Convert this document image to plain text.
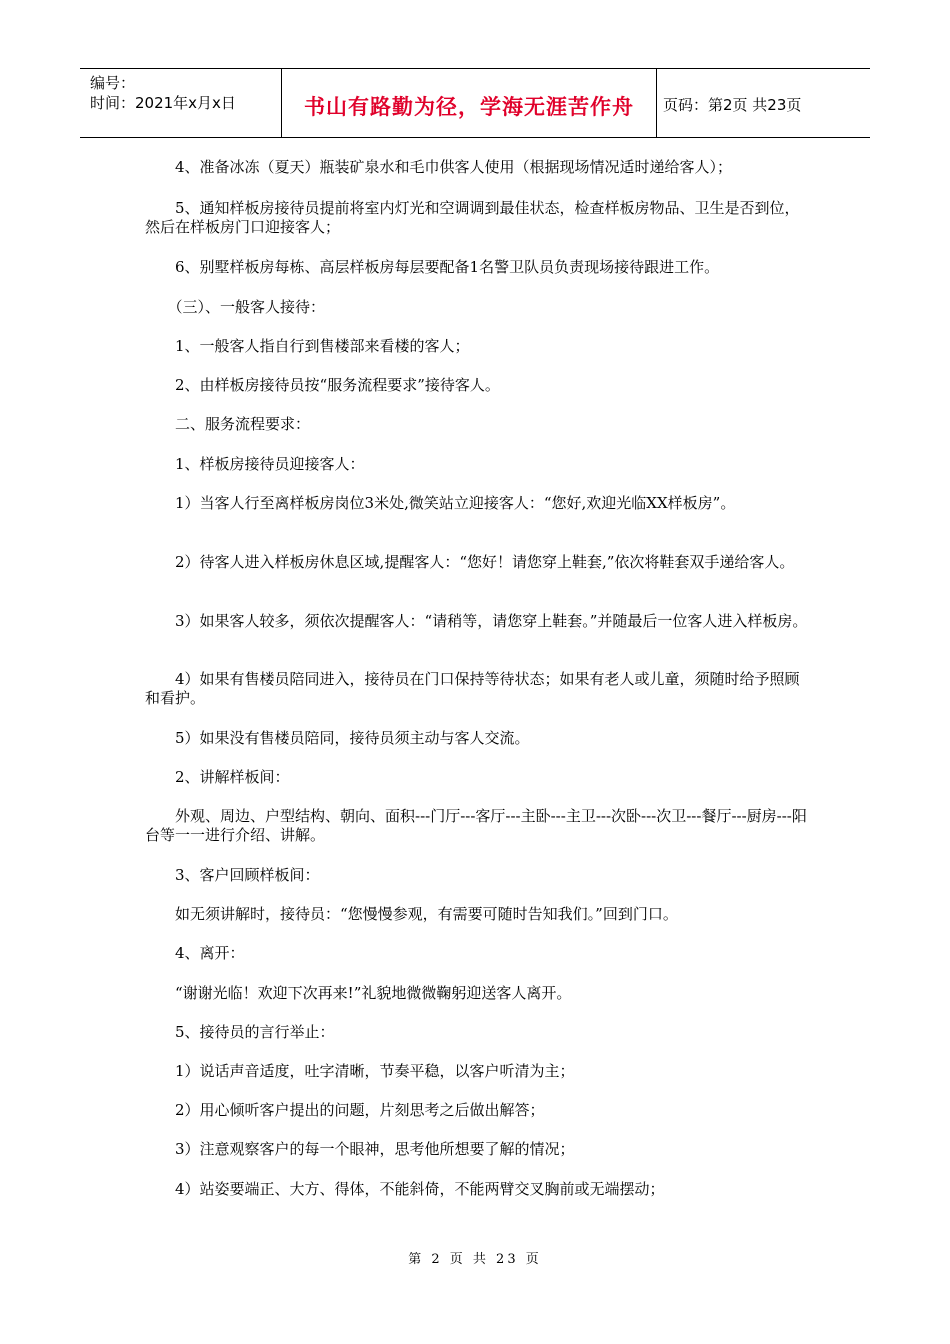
编号：
时间：2021年x月x日	书山有路勤为径，学海无涯苦作舟	页码：第2页 共23页

　　4、准备冰冻（夏天）瓶装矿泉水和毛巾供客人使用（根据现场情况适时递给客人）；

　　5、通知样板房接待员提前将室内灯光和空调调到最佳状态，检查样板房物品、卫生是否到位，然后在样板房门口迎接客人；

　　6、别墅样板房每栋、高层样板房每层要配备1名警卫队员负责现场接待跟进工作。

　　（三）、一般客人接待：

　　1、一般客人指自行到售楼部来看楼的客人；

　　2、由样板房接待员按“服务流程要求”接待客人。

　　二、服务流程要求：

　　1、样板房接待员迎接客人：

　　1）当客人行至离样板房岗位3米处,微笑站立迎接客人：“您好,欢迎光临XX样板房”。

　　2）待客人进入样板房休息区域,提醒客人：“您好！请您穿上鞋套,”依次将鞋套双手递给客人。

　　3）如果客人较多，须依次提醒客人：“请稍等，请您穿上鞋套。”并随最后一位客人进入样板房。

　　4）如果有售楼员陪同进入，接待员在门口保持等待状态；如果有老人或儿童，须随时给予照顾和看护。

　　5）如果没有售楼员陪同，接待员须主动与客人交流。

　　2、讲解样板间：

　　外观、周边、户型结构、朝向、面积---门厅---客厅---主卧---主卫---次卧---次卫---餐厅---厨房---阳台等一一进行介绍、讲解。

　　3、客户回顾样板间：

　　如无须讲解时，接待员：“您慢慢参观，有需要可随时告知我们。”回到门口。

　　4、离开：

　　“谢谢光临！欢迎下次再来!”礼貌地微微鞠躬迎送客人离开。

　　5、接待员的言行举止：

　　1）说话声音适度，吐字清晰，节奏平稳，以客户听清为主；

　　2）用心倾听客户提出的问题，片刻思考之后做出解答；

　　3）注意观察客户的每一个眼神，思考他所想要了解的情况；

　　4）站姿要端正、大方、得体，不能斜倚，不能两臂交叉胸前或无端摆动；

第 2 页 共 23 页
